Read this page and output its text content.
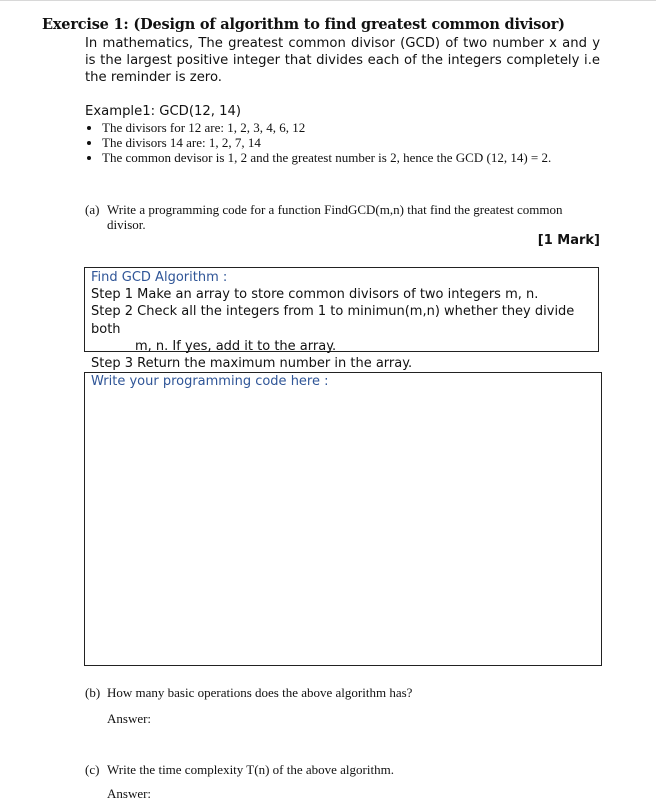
Exercise 1: (Design of algorithm to find greatest common divisor)
In mathematics, The greatest common divisor (GCD) of two number x and y is the largest positive integer that divides each of the integers completely i.e the reminder is zero.
Example1: GCD(12, 14)
• The divisors for 12 are: 1, 2, 3, 4, 6, 12
• The divisors 14 are: 1, 2, 7, 14
• The common devisor is 1, 2 and the greatest number is 2, hence the GCD (12, 14) = 2.
(a) Write a programming code for a function FindGCD(m,n) that find the greatest common
divisor.
[1 Mark]
Find GCD Algorithm :
Step 1 Make an array to store common divisors of two integers m, n.
Step 2 Check all the integers from 1 to minimun(m,n) whether they divide both
m, n. If yes, add it to the array.
Step 3 Return the maximum number in the array.
Write your programming code here :
(b) How many basic operations does the above algorithm has?
Answer:
(c) Write the time complexity T(n) of the above algorithm.
Answer:
